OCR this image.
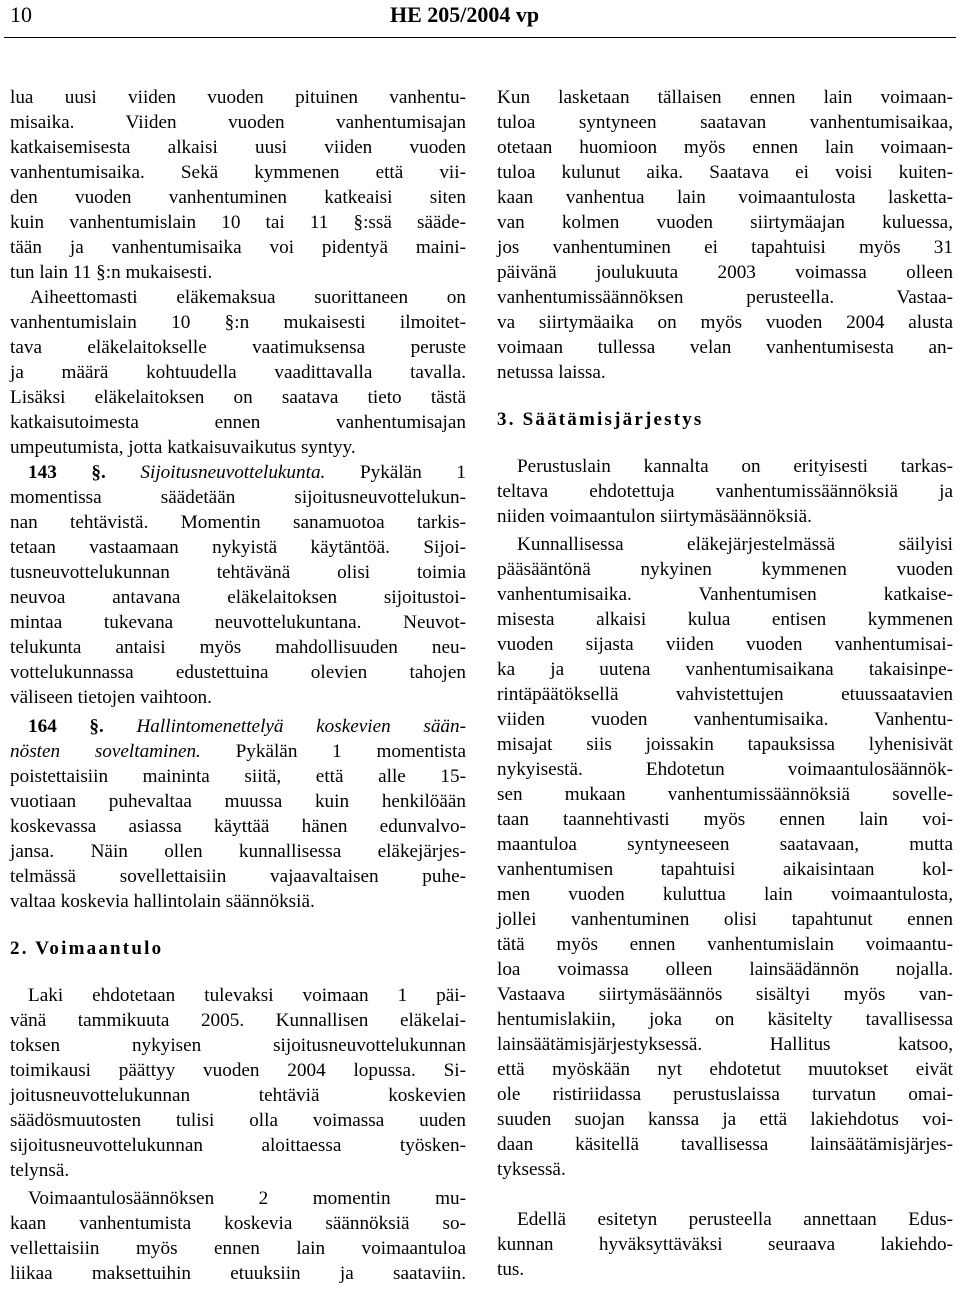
10	HE 205/2004 vp
lua uusi viiden vuoden pituinen vanhentu-
misaika. Viiden vuoden vanhentumisajan
katkaisemisesta alkaisi uusi viiden vuoden
vanhentumisaika. Sekä kymmenen että vii-
den vuoden vanhentuminen katkeaisi siten
kuin vanhentumislain 10 tai 11 §:ssä sääde-
tään ja vanhentumisaika voi pidentyä maini-
tun lain 11 §:n mukaisesti.
Aiheettomasti eläkemaksua suorittaneen on
vanhentumislain 10 §:n mukaisesti ilmoitet-
tava eläkelaitokselle vaatimuksensa peruste
ja määrä kohtuudella vaadittavalla tavalla.
Lisäksi eläkelaitoksen on saatava tieto tästä
katkaisutoimesta ennen vanhentumisajan
umpeutumista, jotta katkaisuvaikutus syntyy.
143 §. Sijoitusneuvottelukunta. Pykälän 1
momentissa säädetään sijoitusneuvottelukun-
nan tehtävistä. Momentin sanamuotoa tarkis-
tetaan vastaamaan nykyistä käytäntöä. Sijoi-
tusneuvottelukunnan tehtävänä olisi toimia
neuvoa antavana eläkelaitoksen sijoitustoi-
mintaa tukevana neuvottelukuntana. Neuvot-
telukunta antaisi myös mahdollisuuden neu-
vottelukunnassa edustettuina olevien tahojen
väliseen tietojen vaihtoon.
164 §. Hallintomenettelyä koskevien sään-
nösten soveltaminen. Pykälän 1 momentista
poistettaisiin maininta siitä, että alle 15-
vuotiaan puhevaltaa muussa kuin henkilöään
koskevassa asiassa käyttää hänen edunvalvo-
jansa. Näin ollen kunnallisessa eläkejärjes-
telmässä sovellettaisiin vajaavaltaisen puhe-
valtaa koskevia hallintolain säännöksiä.
2. Voimaantulo
Laki ehdotetaan tulevaksi voimaan 1 päi-
vänä tammikuuta 2005. Kunnallisen eläkelai-
toksen nykyisen sijoitusneuvottelukunnan
toimikausi päättyy vuoden 2004 lopussa. Si-
joitusneuvottelukunnan tehtäviä koskevien
säädösmuutosten tulisi olla voimassa uuden
sijoitusneuvottelukunnan aloittaessa työsken-
telynsä.
Voimaantulosäännöksen 2 momentin mu-
kaan vanhentumista koskevia säännöksiä so-
vellettaisiin myös ennen lain voimaantuloa
liikaa maksettuihin etuuksiin ja saataviin.
Kun lasketaan tällaisen ennen lain voimaan-
tuloa syntyneen saatavan vanhentumisaikaa,
otetaan huomioon myös ennen lain voimaan-
tuloa kulunut aika. Saatava ei voisi kuiten-
kaan vanhentua lain voimaantulosta lasketta-
van kolmen vuoden siirtymäajan kuluessa,
jos vanhentuminen ei tapahtuisi myös 31
päivänä joulukuuta 2003 voimassa olleen
vanhentumissäännöksen perusteella. Vastaa-
va siirtymäaika on myös vuoden 2004 alusta
voimaan tullessa velan vanhentumisesta an-
netussa laissa.
3. Säätämisjärjestys
Perustuslain kannalta on erityisesti tarkas-
teltava ehdotettuja vanhentumissäännöksiä ja
niiden voimaantulon siirtymäsäännöksiä.
Kunnallisessa eläkejärjestelmässä säilyisi
pääsääntönä nykyinen kymmenen vuoden
vanhentumisaika. Vanhentumisen katkaise-
misesta alkaisi kulua entisen kymmenen
vuoden sijasta viiden vuoden vanhentumisai-
ka ja uutena vanhentumisaikana takaisinpe-
rintäpäätöksellä vahvistettujen etuussaatavien
viiden vuoden vanhentumisaika. Vanhentu-
misajat siis joissakin tapauksissa lyhenisivät
nykyisestä. Ehdotetun voimaantulosäännök-
sen mukaan vanhentumissäännöksiä sovelle-
taan taannehtivasti myös ennen lain voi-
maantuloa syntyneeseen saatavaan, mutta
vanhentumisen tapahtuisi aikaisintaan kol-
men vuoden kuluttua lain voimaantulosta,
jollei vanhentuminen olisi tapahtunut ennen
tätä myös ennen vanhentumislain voimaantu-
loa voimassa olleen lainsäädännön nojalla.
Vastaava siirtymäsäännös sisältyi myös van-
hentumislakiin, joka on käsitelty tavallisessa
lainsäätämisjärjestyksessä. Hallitus katsoo,
että myöskään nyt ehdotetut muutokset eivät
ole ristiriidassa perustuslaissa turvatun omai-
suuden suojan kanssa ja että lakiehdotus voi-
daan käsitellä tavallisessa lainsäätämisjärjes-
tyksessä.
Edellä esitetyn perusteella annettaan Edus-
kunnan hyväksyttäväksi seuraava lakiehdo-
tus.
